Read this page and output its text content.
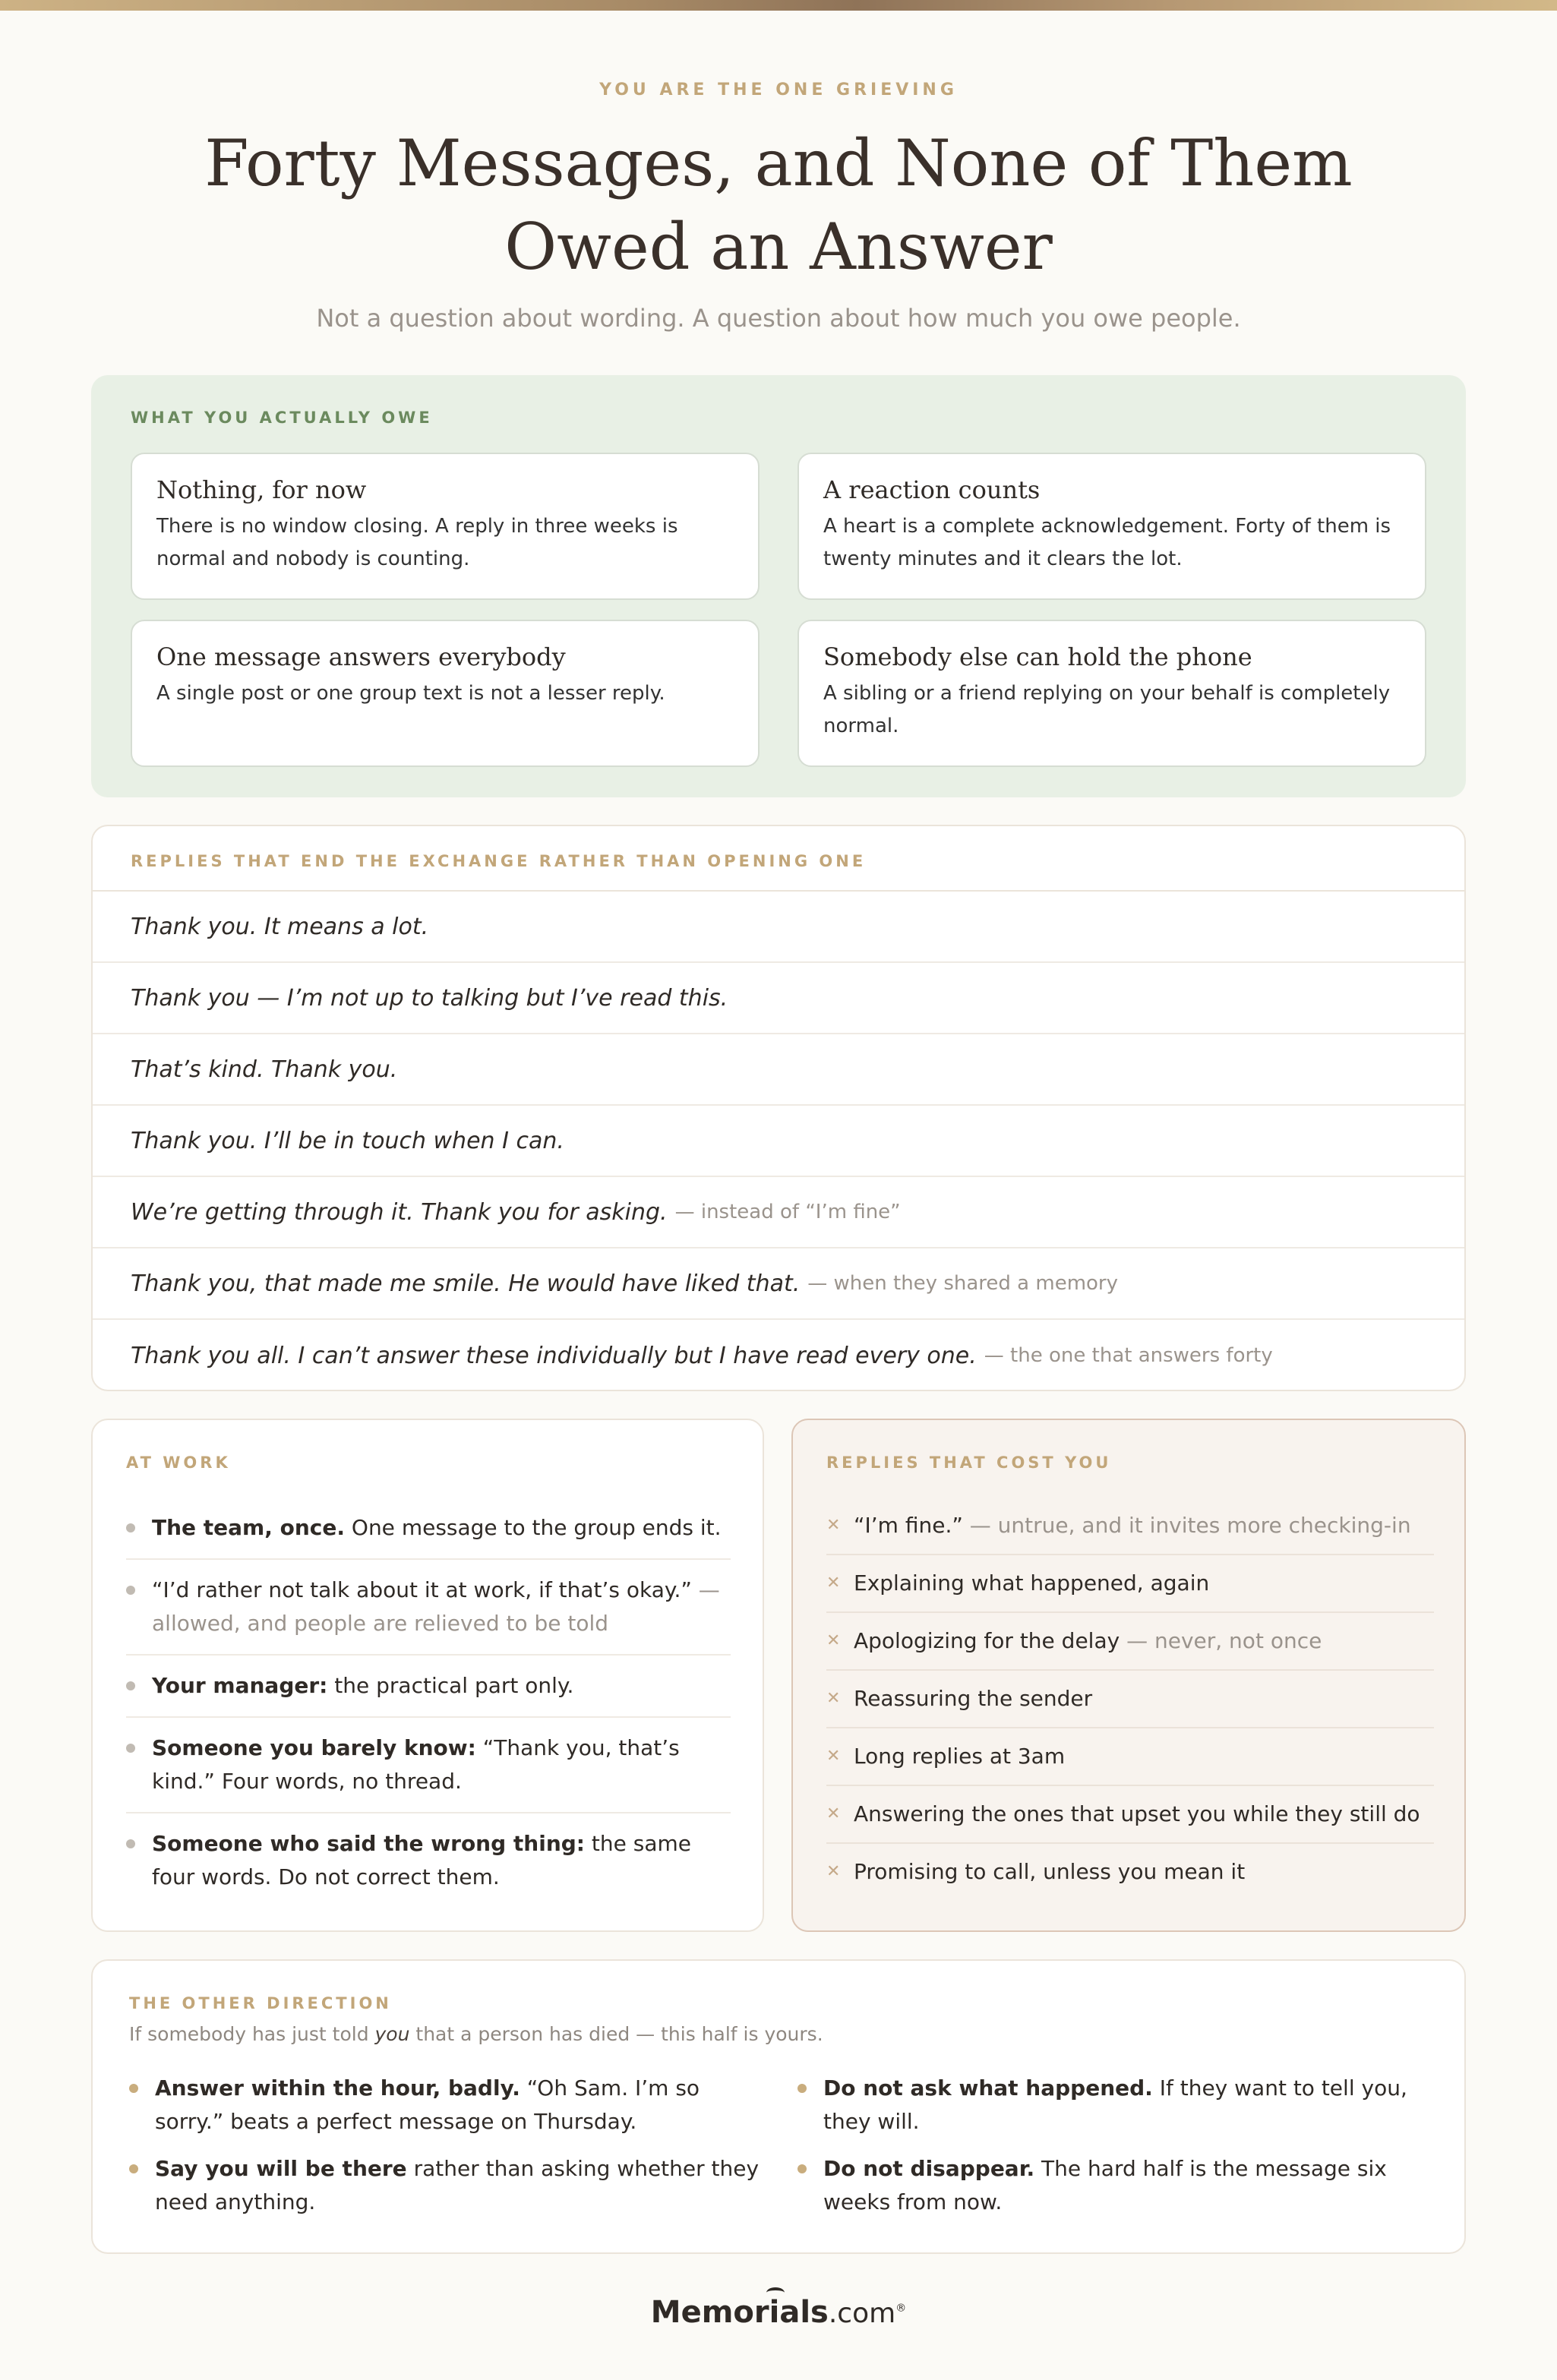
YOU ARE THE ONE GRIEVING
Forty Messages, and None of Them Owed an Answer
Not a question about wording. A question about how much you owe people.
WHAT YOU ACTUALLY OWE
Nothing, for now
There is no window closing. A reply in three weeks is normal and nobody is counting.
A reaction counts
A heart is a complete acknowledgement. Forty of them is twenty minutes and it clears the lot.
One message answers everybody
A single post or one group text is not a lesser reply.
Somebody else can hold the phone
A sibling or a friend replying on your behalf is completely normal.
REPLIES THAT END THE EXCHANGE RATHER THAN OPENING ONE
Thank you. It means a lot.
Thank you — I’m not up to talking but I’ve read this.
That’s kind. Thank you.
Thank you. I’ll be in touch when I can.
We’re getting through it. Thank you for asking. — instead of “I’m fine”
Thank you, that made me smile. He would have liked that. — when they shared a memory
Thank you all. I can’t answer these individually but I have read every one. — the one that answers forty
AT WORK
The team, once. One message to the group ends it.
“I’d rather not talk about it at work, if that’s okay.” — allowed, and people are relieved to be told
Your manager: the practical part only.
Someone you barely know: “Thank you, that’s kind.” Four words, no thread.
Someone who said the wrong thing: the same four words. Do not correct them.
REPLIES THAT COST YOU
✕ “I’m fine.” — untrue, and it invites more checking-in
✕ Explaining what happened, again
✕ Apologizing for the delay — never, not once
✕ Reassuring the sender
✕ Long replies at 3am
✕ Answering the ones that upset you while they still do
✕ Promising to call, unless you mean it
THE OTHER DIRECTION
If somebody has just told you that a person has died — this half is yours.
Answer within the hour, badly. “Oh Sam. I’m so sorry.” beats a perfect message on Thursday.
Do not ask what happened. If they want to tell you, they will.
Say you will be there rather than asking whether they need anything.
Do not disappear. The hard half is the message six weeks from now.
Memorials.com®
